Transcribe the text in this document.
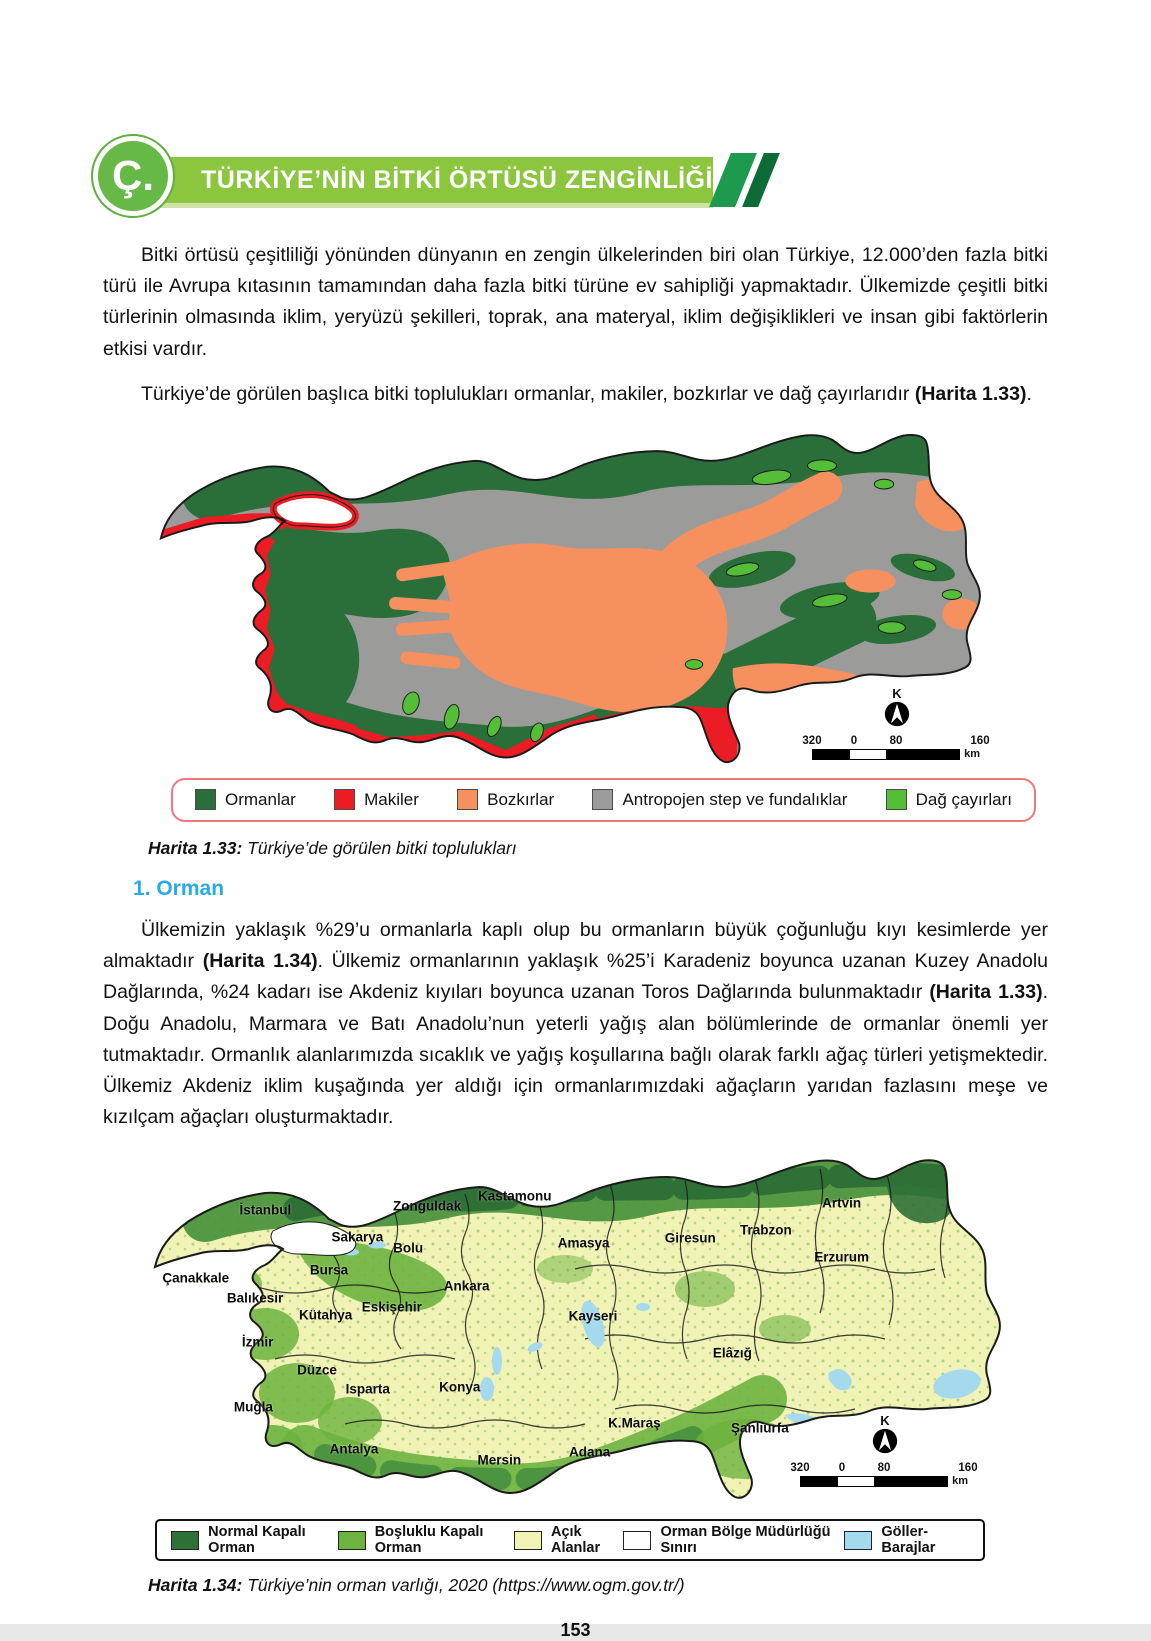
Ç.	TÜRKİYE’NİN BİTKİ ÖRTÜSÜ ZENGİNLİĞİ

Bitki örtüsü çeşitliliği yönünden dünyanın en zengin ülkelerinden biri olan Türkiye, 12.000’den fazla bitki türü ile Avrupa kıtasının tamamından daha fazla bitki türüne ev sahipliği yapmaktadır. Ülkemizde çeşitli bitki türlerinin olmasında iklim, yeryüzü şekilleri, toprak, ana materyal, iklim değişiklikleri ve insan gibi faktörlerin etkisi vardır.

Türkiye’de görülen başlıca bitki toplulukları ormanlar, makiler, bozkırlar ve dağ çayırlarıdır (Harita 1.33).

K
0	80	160
320
km
Ormanlar	Makiler	Bozkırlar	Antropojen step ve fundalıklar	Dağ çayırları

Harita 1.33: Türkiye’de görülen bitki toplulukları

1. Orman

Ülkemizin yaklaşık %29’u ormanlarla kaplı olup bu ormanların büyük çoğunluğu kıyı kesimlerde yer almaktadır (Harita 1.34). Ülkemiz ormanlarının yaklaşık %25’i Karadeniz boyunca uzanan Kuzey Anadolu Dağlarında, %24 kadarı ise Akdeniz kıyıları boyunca uzanan Toros Dağlarında bulunmaktadır (Harita 1.33). Doğu Anadolu, Marmara ve Batı Anadolu’nun yeterli yağış alan bölümlerinde de ormanlar önemli yer tutmaktadır. Ormanlık alanlarımızda sıcaklık ve yağış koşullarına bağlı olarak farklı ağaç türleri yetişmektedir. Ülkemiz Akdeniz iklim kuşağında yer aldığı için ormanlarımızdaki ağaçların yarıdan fazlasını meşe ve kızılçam ağaçları oluşturmaktadır.

İstanbul	Zonguldak
Kastamonu	Artvin
Sakarya
Bolu	Amasya	Giresun
Trabzon
Erzurum
Çanakkale
Bursa
Balıkesir
Ankara
Eskişehir
Kütahya	Kayseri
İzmir
Elâzığ
Düzce
Isparta	Konya
Muğla
K.Maraş	Şanlıurfa
Adana
Antalya
Mersin
K
0	80	160
320
km
Normal Kapalı Orman
Boşluklu Kapalı Orman
Açık Alanlar
Orman Bölge Müdürlüğü Sınırı
Göller-Barajlar

Harita 1.34: Türkiye’nin orman varlığı, 2020 (https://www.ogm.gov.tr/)

153
